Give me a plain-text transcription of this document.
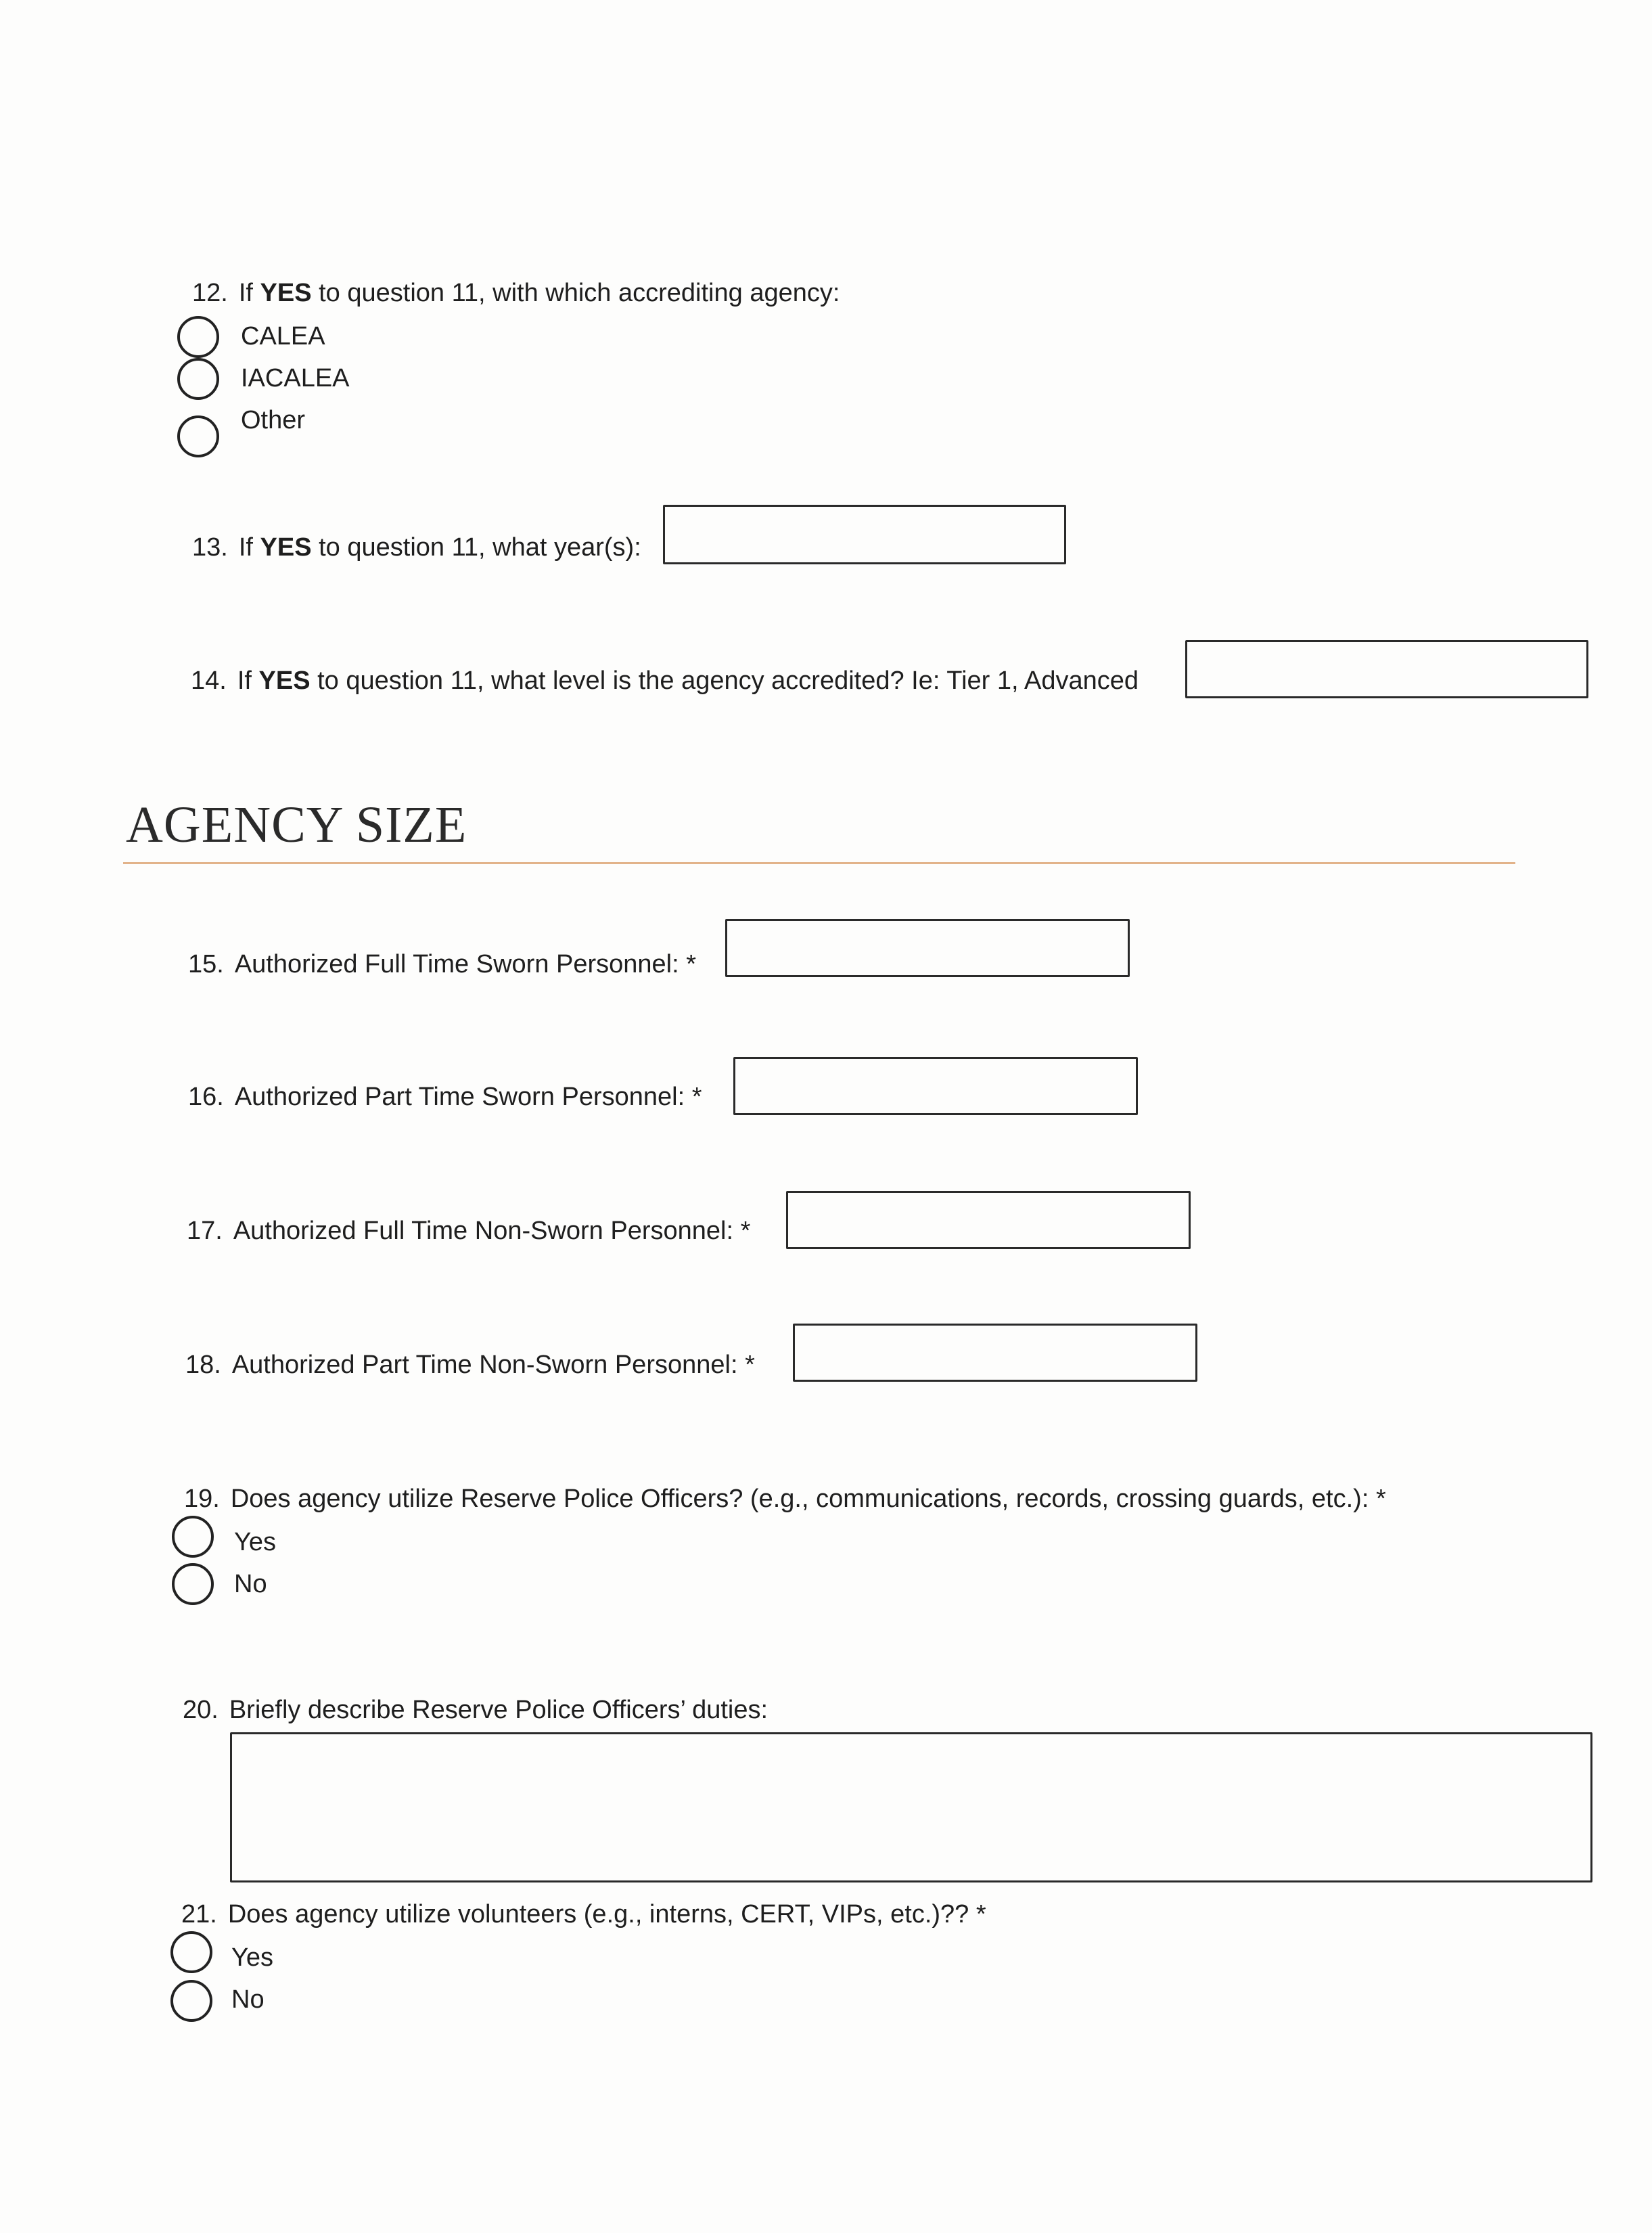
12. If YES to question 11, with which accrediting agency:
CALEA
IACALEA
Other
13. If YES to question 11, what year(s):
14. If YES to question 11, what level is the agency accredited? Ie: Tier 1, Advanced
AGENCY SIZE
15. Authorized Full Time Sworn Personnel: *
16. Authorized Part Time Sworn Personnel: *
17. Authorized Full Time Non-Sworn Personnel: *
18. Authorized Part Time Non-Sworn Personnel: *
19. Does agency utilize Reserve Police Officers? (e.g., communications, records, crossing guards, etc.): *
Yes
No
20. Briefly describe Reserve Police Officers’ duties:
21. Does agency utilize volunteers (e.g., interns, CERT, VIPs, etc.)?? *
Yes
No
